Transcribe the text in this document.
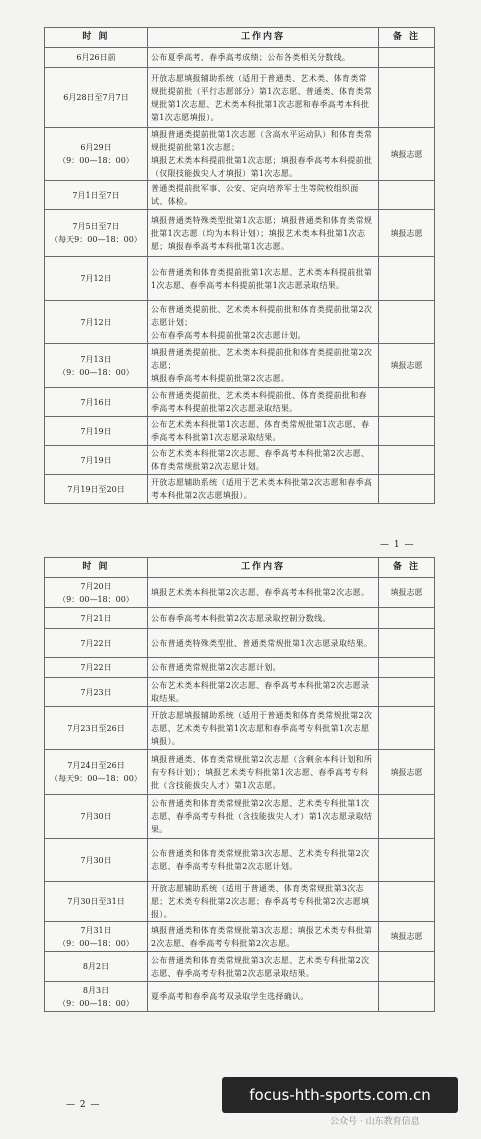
时 间	工作内容	备 注
6月26日前	公布夏季高考、春季高考成绩；公布各类相关分数线。	
6月28日至7月7日	开放志愿填报辅助系统（适用于普通类、艺术类、体育类常规批提前批（平行志愿部分）第1次志愿、普通类、体育类常规批第1次志愿、艺术类本科批第1次志愿和春季高考本科批第1次志愿填报）。	
6月29日
（9：00—18：00）	填报普通类提前批第1次志愿（含高水平运动队）和体育类常规批提前批第1次志愿；
填报艺术类本科提前批第1次志愿；填报春季高考本科提前批（仅限技能拔尖人才填报）第1次志愿。	填报志愿
7月1日至7日	普通类提前批军事、公安、定向培养军士生等院校组织面试、体检。	
7月5日至7日
（每天9：00—18：00）	填报普通类特殊类型批第1次志愿；填报普通类和体育类常规批第1次志愿（均为本科计划）；填报艺术类本科批第1次志愿；填报春季高考本科批第1次志愿。	填报志愿
7月12日	公布普通类和体育类提前批第1次志愿、艺术类本科提前批第1次志愿、春季高考本科提前批第1次志愿录取结果。	
7月12日	公布普通类提前批、艺术类本科提前批和体育类提前批第2次志愿计划；
公布春季高考本科提前批第2次志愿计划。	
7月13日
（9：00—18：00）	填报普通类提前批、艺术类本科提前批和体育类提前批第2次志愿；
填报春季高考本科提前批第2次志愿。	填报志愿
7月16日	公布普通类提前批、艺术类本科提前批、体育类提前批和春季高考本科提前批第2次志愿录取结果。	
7月19日	公布艺术类本科批第1次志愿、体育类常规批第1次志愿、春季高考本科批第1次志愿录取结果。	
7月19日	公布艺术类本科批第2次志愿、春季高考本科批第2次志愿、体育类常规批第2次志愿计划。	
7月19日至20日	开放志愿辅助系统（适用于艺术类本科批第2次志愿和春季高考本科批第2次志愿填报）。	
— 1 —
时 间	工作内容	备 注
7月20日
（9：00—18：00）	填报艺术类本科批第2次志愿、春季高考本科批第2次志愿。	填报志愿
7月21日	公布春季高考本科批第2次志愿录取控制分数线。	
7月22日	公布普通类特殊类型批、普通类常规批第1次志愿录取结果。	
7月22日	公布普通类常规批第2次志愿计划。	
7月23日	公布艺术类本科批第2次志愿、春季高考本科批第2次志愿录取结果。	
7月23日至26日	开放志愿填报辅助系统（适用于普通类和体育类常规批第2次志愿、艺术类专科批第1次志愿和春季高考专科批第1次志愿填报）。	
7月24日至26日
（每天9：00—18：00）	填报普通类、体育类常规批第2次志愿（含剩余本科计划和所有专科计划）；填报艺术类专科批第1次志愿、春季高考专科批（含技能拔尖人才）第1次志愿。	填报志愿
7月30日	公布普通类和体育类常规批第2次志愿、艺术类专科批第1次志愿、春季高考专科批（含技能拔尖人才）第1次志愿录取结果。	
7月30日	公布普通类和体育类常规批第3次志愿、艺术类专科批第2次志愿、春季高考专科批第2次志愿计划。	
7月30日至31日	开放志愿辅助系统（适用于普通类、体育类常规批第3次志愿；艺术类专科批第2次志愿；春季高考专科批第2次志愿填报）。	
7月31日
（9：00—18：00）	填报普通类和体育类常规批第3次志愿；填报艺术类专科批第2次志愿、春季高考专科批第2次志愿。	填报志愿
8月2日	公布普通类和体育类常规批第3次志愿、艺术类专科批第2次志愿、春季高考专科批第2次志愿录取结果。	
8月3日
（9：00—18：00）	夏季高考和春季高考双录取学生选择确认。	
— 2 —
focus-hth-sports.com.cn
公众号 · 山东教育信息
